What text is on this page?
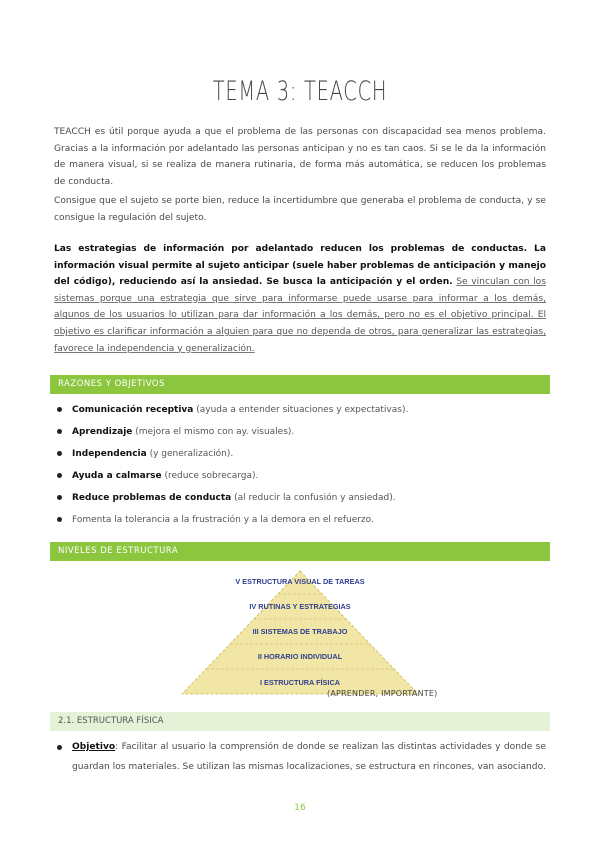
TEMA 3: TEACCH

TEACCH es útil porque ayuda a que el problema de las personas con discapacidad sea menos problema. Gracias a la información por adelantado las personas anticipan y no es tan caos. Si se le da la información de manera visual, si se realiza de manera rutinaria, de forma más automática, se reducen los problemas de conducta.

Consigue que el sujeto se porte bien, reduce la incertidumbre que generaba el problema de conducta, y se consigue la regulación del sujeto.

Las estrategias de información por adelantado reducen los problemas de conductas. La información visual permite al sujeto anticipar (suele haber problemas de anticipación y manejo del código), reduciendo así la ansiedad. Se busca la anticipación y el orden. Se vinculan con los sistemas porque una estrategia que sirve para informarse puede usarse para informar a los demás, algunos de los usuarios lo utilizan para dar información a los demás, pero no es el objetivo principal. El objetivo es clarificar información a alguien para que no dependa de otros, para generalizar las estrategias, favorece la independencia y generalización.

RAZONES Y OBJETIVOS
Comunicación receptiva (ayuda a entender situaciones y expectativas).
Aprendizaje (mejora el mismo con ay. visuales).
Independencia (y generalización).
Ayuda a calmarse (reduce sobrecarga).
Reduce problemas de conducta (al reducir la confusión y ansiedad).
Fomenta la tolerancia a la frustración y a la demora en el refuerzo.
NIVELES DE ESTRUCTURA
V ESTRUCTURA VISUAL DE TAREAS
IV RUTINAS Y ESTRATEGIAS
III SISTEMAS DE TRABAJO
II HORARIO INDIVIDUAL
I ESTRUCTURA FÍSICA
(APRENDER, IMPORTANTE)
2.1. ESTRUCTURA FÍSICA
Objetivo: Facilitar al usuario la comprensión de donde se realizan las distintas actividades y donde se guardan los materiales. Se utilizan las mismas localizaciones, se estructura en rincones, van asociando.
16
